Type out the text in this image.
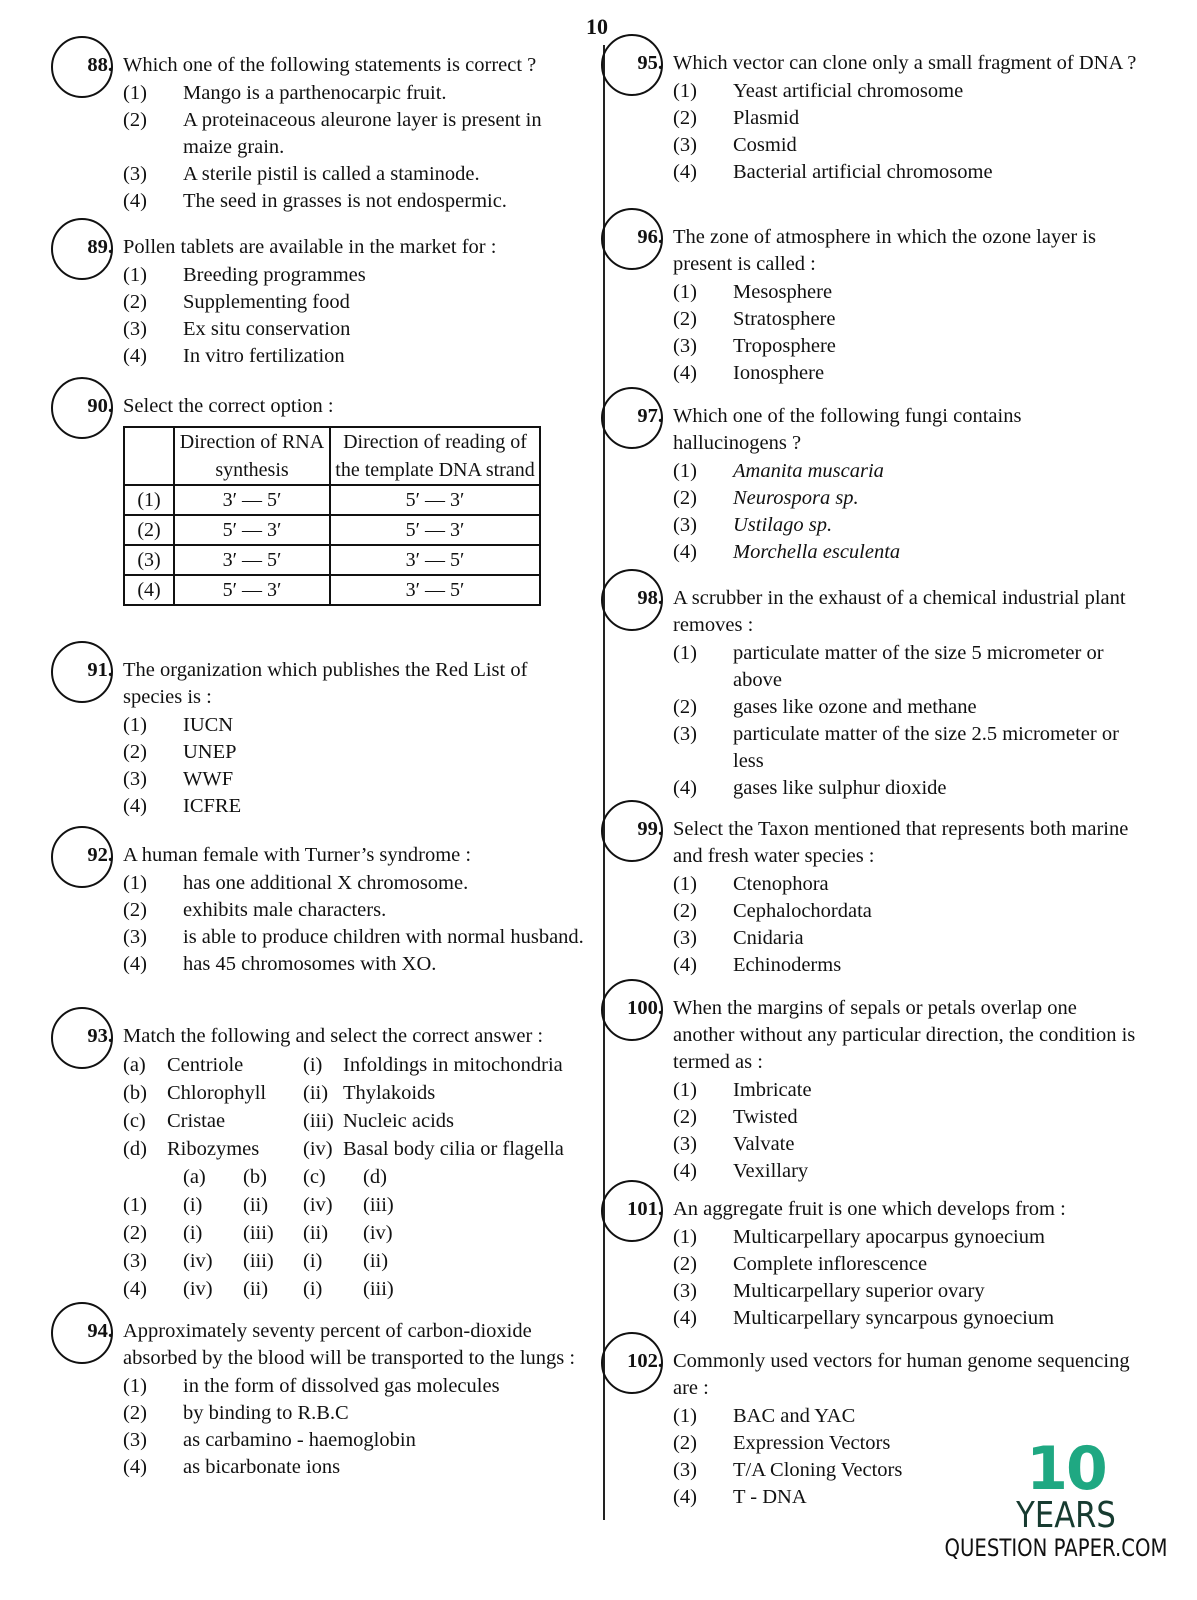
10
88. Which one of the following statements is correct ?
(1)	Mango is a parthenocarpic fruit.
(2)	A proteinaceous aleurone layer is present in maize grain.
(3)	A sterile pistil is called a staminode.
(4)	The seed in grasses is not endospermic.
89. Pollen tablets are available in the market for :
(1)	Breeding programmes
(2)	Supplementing food
(3)	Ex situ conservation
(4)	In vitro fertilization
90. Select the correct option :
	Direction of RNA synthesis	Direction of reading of the template DNA strand
(1)	3′ — 5′	5′ — 3′
(2)	5′ — 3′	5′ — 3′
(3)	3′ — 5′	3′ — 5′
(4)	5′ — 3′	3′ — 5′
91. The organization which publishes the Red List of species is :
(1)	IUCN
(2)	UNEP
(3)	WWF
(4)	ICFRE
92. A human female with Turner’s syndrome :
(1)	has one additional X chromosome.
(2)	exhibits male characters.
(3)	is able to produce children with normal husband.
(4)	has 45 chromosomes with XO.
93. Match the following and select the correct answer :
(a)	Centriole	(i)	Infoldings in mitochondria
(b) Chlorophyll	(ii) Thylakoids
(c)	Cristae	(iii) Nucleic acids
(d) Ribozymes	(iv) Basal body cilia or flagella
(a)	(b)	(c)	(d)
(1)	(i)	(ii)	(iv)	(iii)
(2)	(i)	(iii)	(ii)	(iv)
(3)	(iv)	(iii)	(i)	(ii)
(4)	(iv)	(ii)	(i)	(iii)
94. Approximately seventy percent of carbon-dioxide absorbed by the blood will be transported to the lungs :
(1)	in the form of dissolved gas molecules
(2)	by binding to R.B.C
(3)	as carbamino - haemoglobin
(4)	as bicarbonate ions
95. Which vector can clone only a small fragment of DNA ?
(1)	Yeast artificial chromosome
(2)	Plasmid
(3)	Cosmid
(4)	Bacterial artificial chromosome
96. The zone of atmosphere in which the ozone layer is present is called :
(1)	Mesosphere
(2)	Stratosphere
(3)	Troposphere
(4)	Ionosphere
97. Which one of the following fungi contains hallucinogens ?
(1)	Amanita muscaria
(2)	Neurospora sp.
(3)	Ustilago sp.
(4)	Morchella esculenta
98. A scrubber in the exhaust of a chemical industrial plant removes :
(1)	particulate matter of the size 5 micrometer or above
(2)	gases like ozone and methane
(3)	particulate matter of the size 2.5 micrometer or less
(4)	gases like sulphur dioxide
99. Select the Taxon mentioned that represents both marine and fresh water species :
(1)	Ctenophora
(2)	Cephalochordata
(3)	Cnidaria
(4)	Echinoderms
100. When the margins of sepals or petals overlap one another without any particular direction, the condition is termed as :
(1)	Imbricate
(2)	Twisted
(3)	Valvate
(4)	Vexillary
101. An aggregate fruit is one which develops from :
(1)	Multicarpellary apocarpus gynoecium
(2)	Complete inflorescence
(3)	Multicarpellary superior ovary
(4)	Multicarpellary syncarpous gynoecium
102. Commonly used vectors for human genome sequencing are :
(1)	BAC and YAC
(2)	Expression Vectors
(3)	T/A Cloning Vectors
(4)	T - DNA	10
YEARS
QUESTION PAPER.COM
